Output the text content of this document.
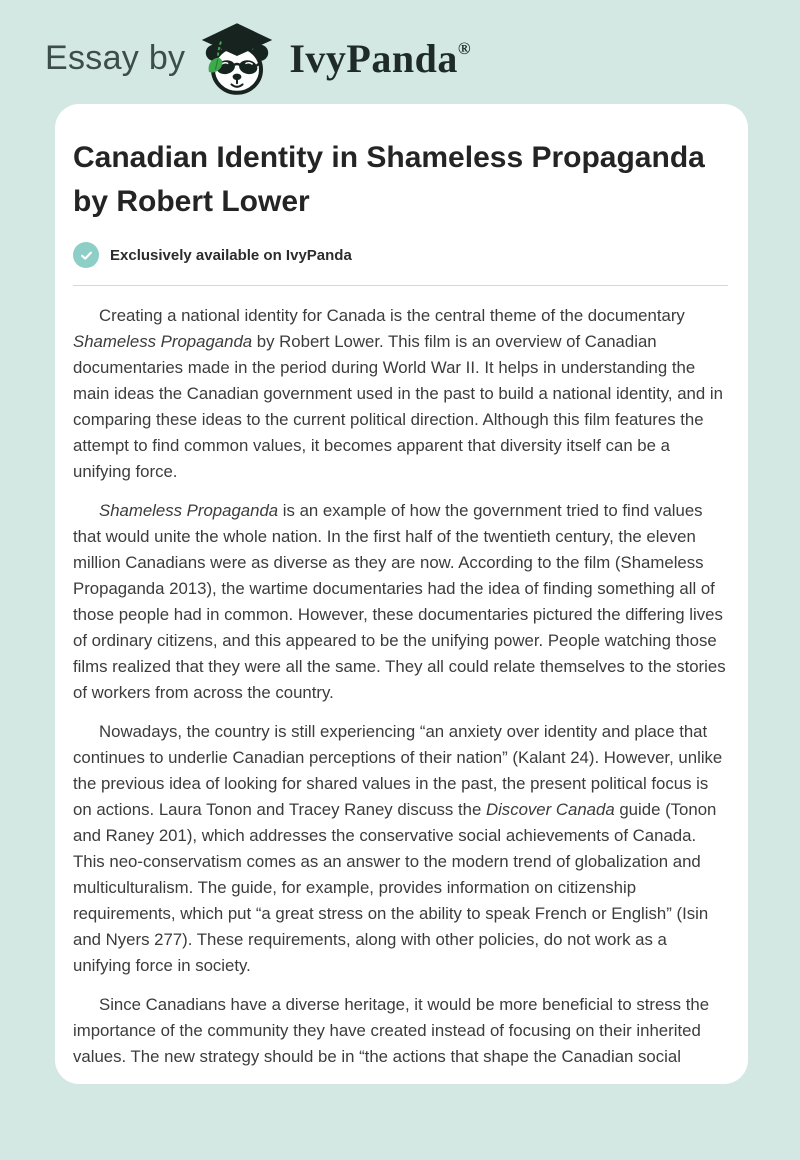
Essay by	IvyPanda®
Canadian Identity in Shameless Propaganda by Robert Lower
Exclusively available on IvyPanda

Creating a national identity for Canada is the central theme of the documentary Shameless Propaganda by Robert Lower. This film is an overview of Canadian documentaries made in the period during World War II. It helps in understanding the main ideas the Canadian government used in the past to build a national identity, and in comparing these ideas to the current political direction. Although this film features the attempt to find common values, it becomes apparent that diversity itself can be a unifying force.

Shameless Propaganda is an example of how the government tried to find values that would unite the whole nation. In the first half of the twentieth century, the eleven million Canadians were as diverse as they are now. According to the film (Shameless Propaganda 2013), the wartime documentaries had the idea of finding something all of those people had in common. However, these documentaries pictured the differing lives of ordinary citizens, and this appeared to be the unifying power. People watching those films realized that they were all the same. They all could relate themselves to the stories of workers from across the country.

Nowadays, the country is still experiencing “an anxiety over identity and place that continues to underlie Canadian perceptions of their nation” (Kalant 24). However, unlike the previous idea of looking for shared values in the past, the present political focus is on actions. Laura Tonon and Tracey Raney discuss the Discover Canada guide (Tonon and Raney 201), which addresses the conservative social achievements of Canada. This neo-conservatism comes as an answer to the modern trend of globalization and multiculturalism. The guide, for example, provides information on citizenship requirements, which put “a great stress on the ability to speak French or English” (Isin and Nyers 277). These requirements, along with other policies, do not work as a unifying force in society.

Since Canadians have a diverse heritage, it would be more beneficial to stress the importance of the community they have created instead of focusing on their inherited values. The new strategy should be in “the actions that shape the Canadian social
